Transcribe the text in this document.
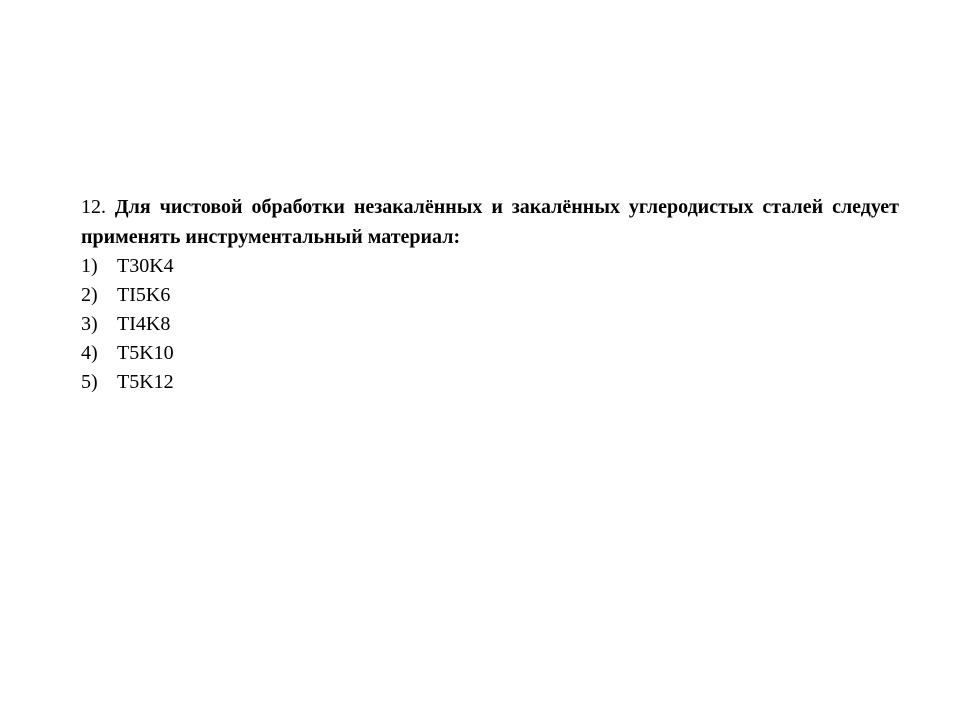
12. Для чистовой обработки незакалённых и закалённых углеродистых сталей следует применять инструментальный материал:

1) T30K4
2) TI5K6
3) TI4K8
4) T5K10
5) T5K12
